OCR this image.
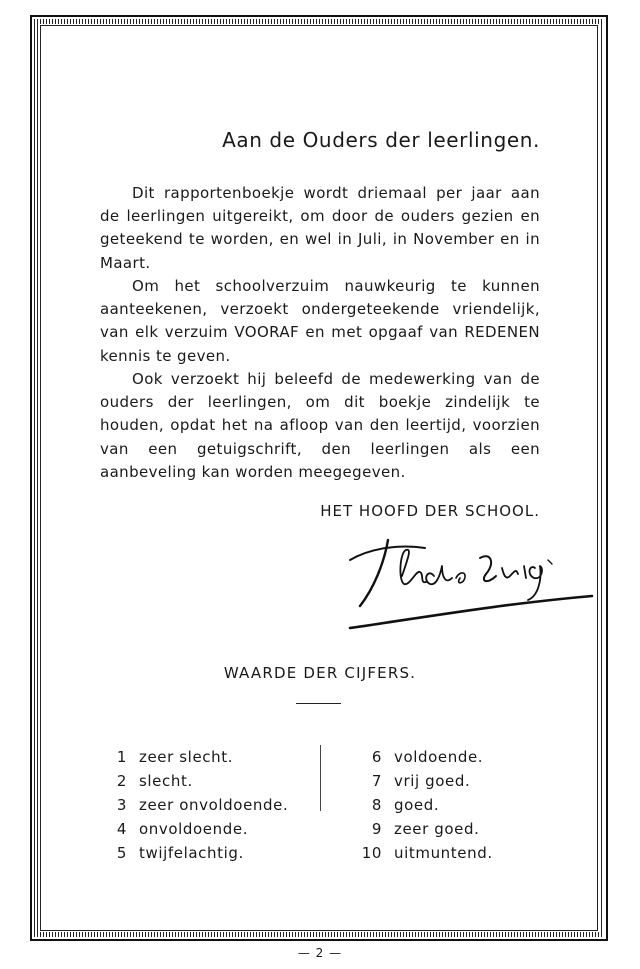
Aan de Ouders der leerlingen.

Dit rapportenboekje wordt driemaal per jaar aan de leerlingen uitgereikt, om door de ouders gezien en geteekend te worden, en wel in Juli, in November en in Maart.

Om het schoolverzuim nauwkeurig te kunnen aanteekenen, verzoekt ondergeteekende vriendelijk, van elk verzuim VOORAF en met opgaaf van REDENEN kennis te geven.

Ook verzoekt hij beleefd de medewerking van de ouders der leerlingen, om dit boekje zindelijk te houden, opdat het na afloop van den leertijd, voorzien van een getuigschrift, den leerlingen als een aanbeveling kan worden meegegeven.

HET HOOFD DER SCHOOL.
WAARDE DER CIJFERS.
1 zeer slecht.
2 slecht.
3 zeer onvoldoende.
4 onvoldoende.
5 twijfelachtig.
6 voldoende.
7 vrij goed.
8 goed.
9 zeer goed.
10 uitmuntend.
— 2 —
